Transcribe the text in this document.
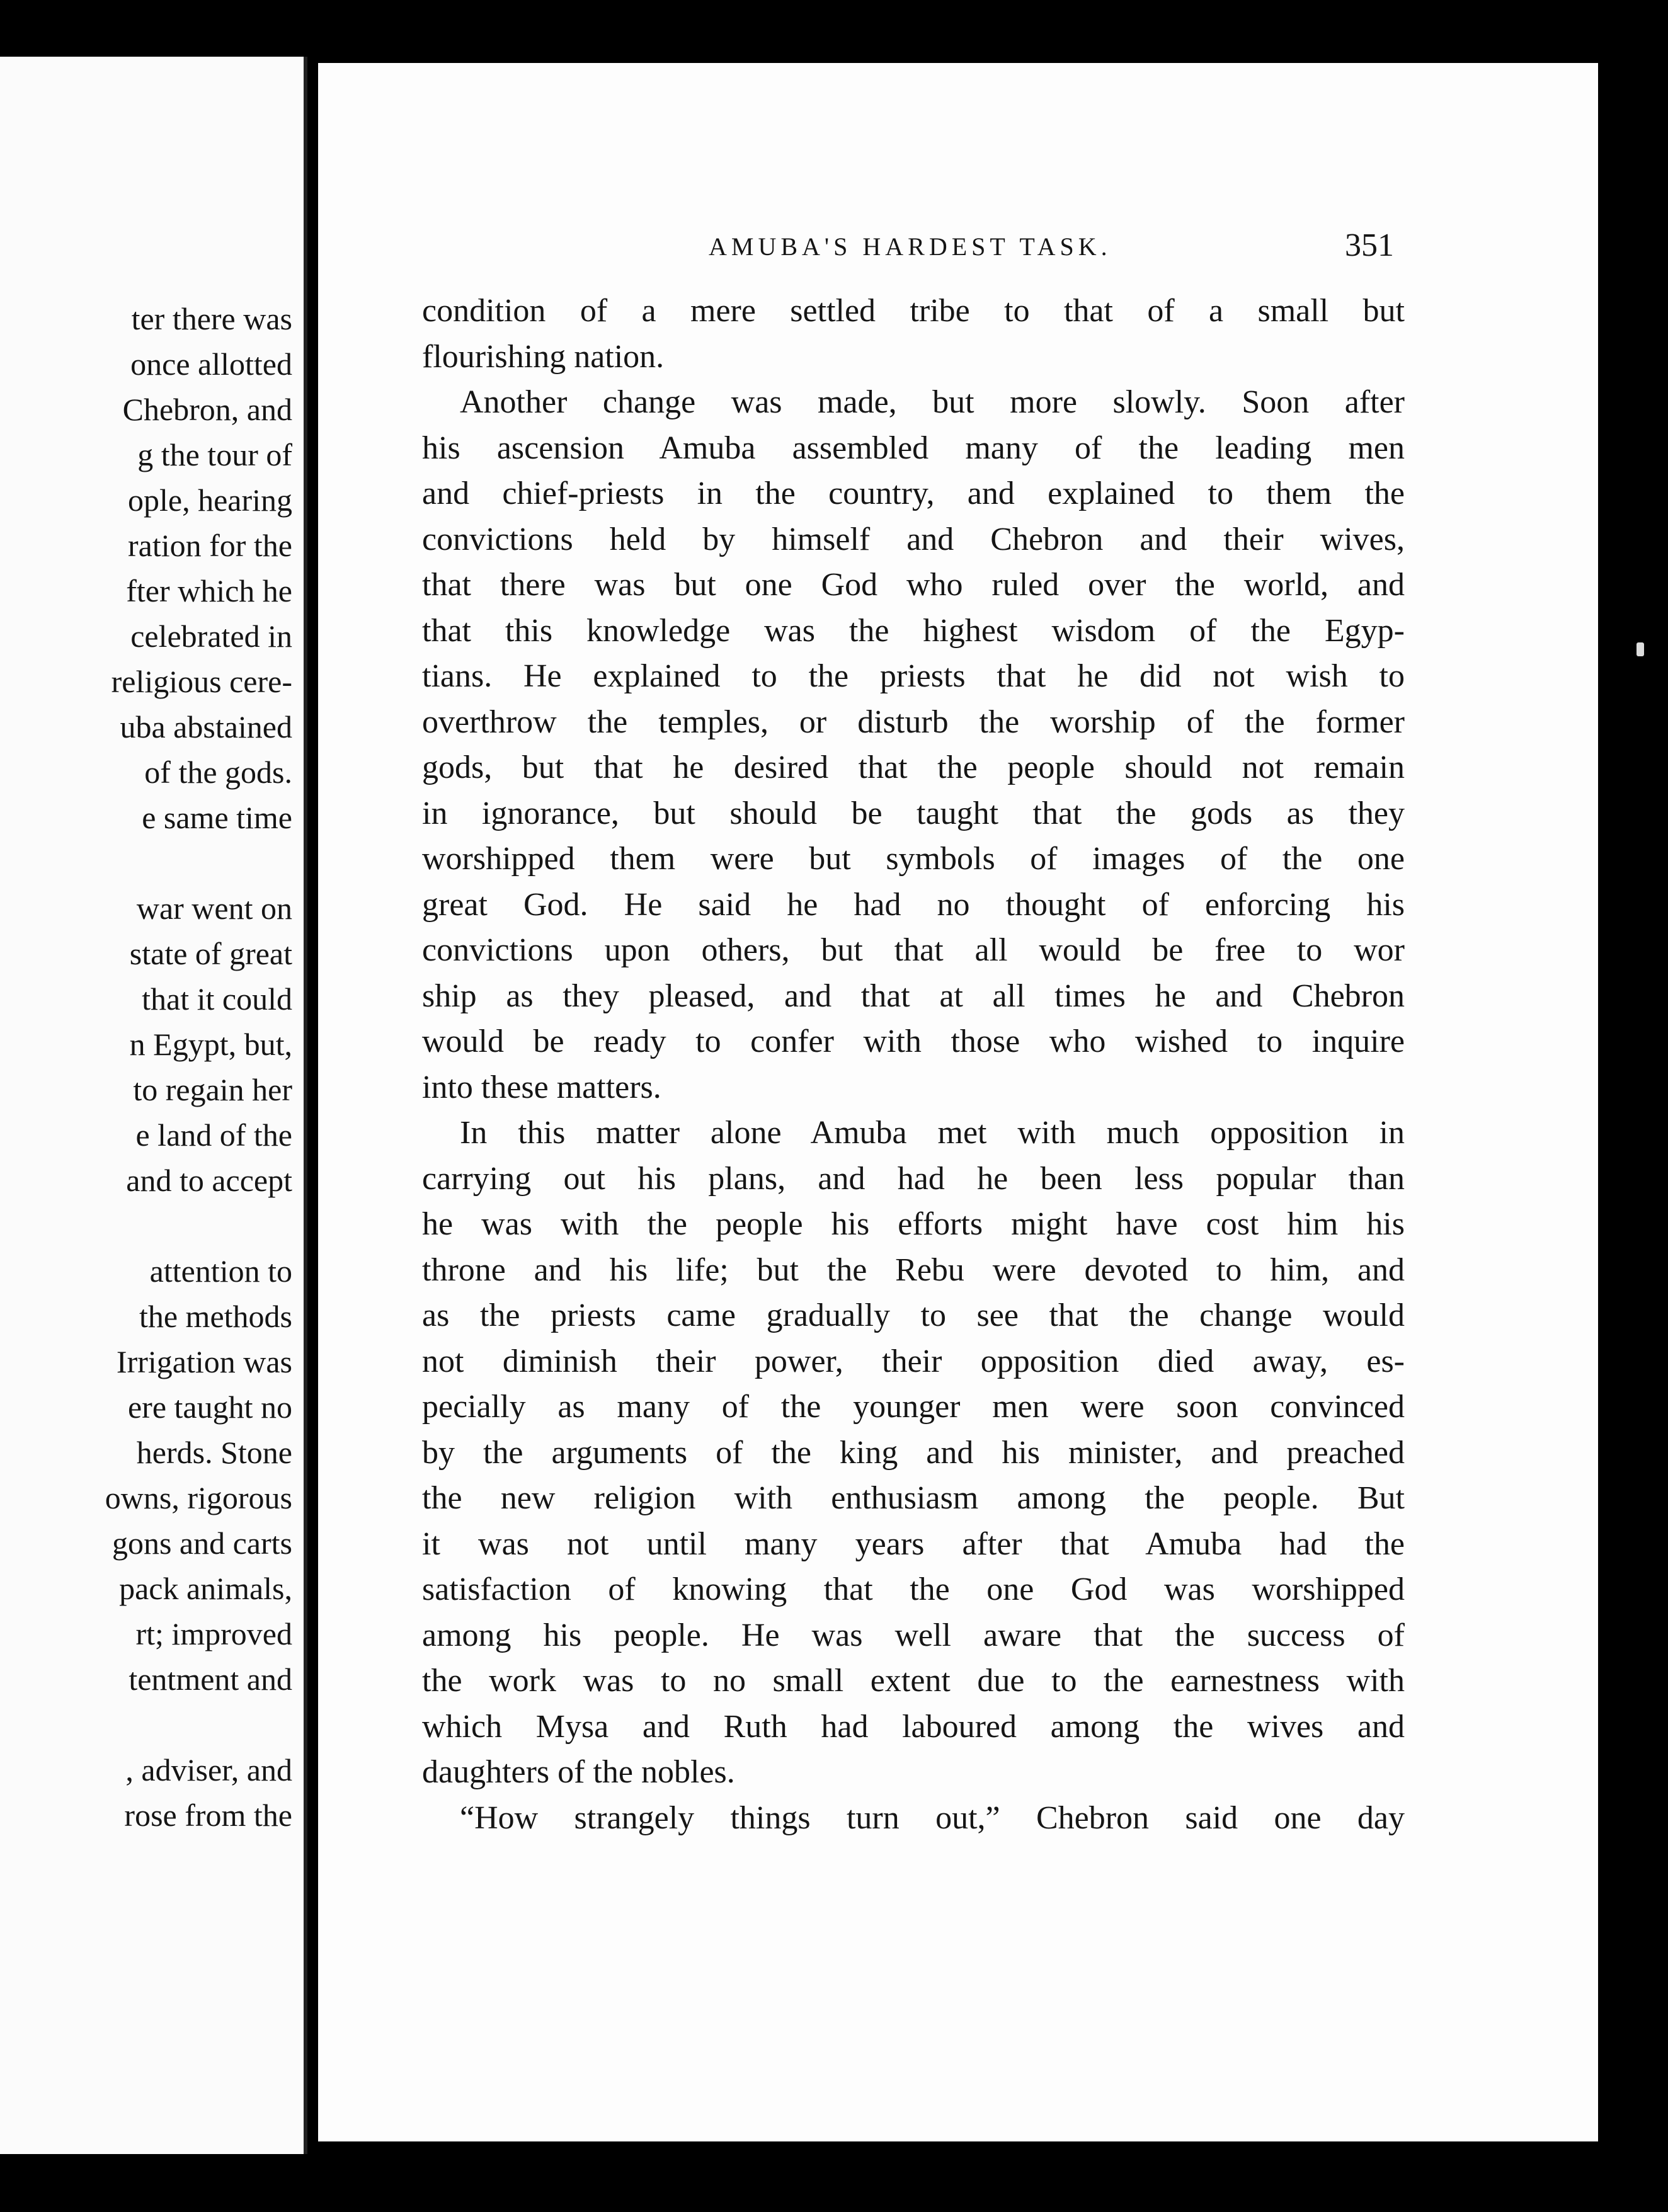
ter there was
once allotted
Chebron, and
g the tour of
ople, hearing
ration for the
fter which he
celebrated in
religious cere-
uba abstained
of the gods.
e same time
war went on
state of great
that it could
n Egypt, but,
to regain her
e land of the
and to accept
attention to
the methods
Irrigation was
ere taught no
herds. Stone
owns, rigorous
gons and carts
pack animals,
rt; improved
tentment and
, adviser, and
rose from the
AMUBA'S HARDEST TASK.	351
condition of a mere settled tribe to that of a small but
flourishing nation.
Another change was made, but more slowly. Soon after
his ascension Amuba assembled many of the leading men
and chief-priests in the country, and explained to them the
convictions held by himself and Chebron and their wives,
that there was but one God who ruled over the world, and
that this knowledge was the highest wisdom of the Egyp-
tians. He explained to the priests that he did not wish to
overthrow the temples, or disturb the worship of the former
gods, but that he desired that the people should not remain
in ignorance, but should be taught that the gods as they
worshipped them were but symbols of images of the one
great God. He said he had no thought of enforcing his
convictions upon others, but that all would be free to wor
ship as they pleased, and that at all times he and Chebron
would be ready to confer with those who wished to inquire
into these matters.
In this matter alone Amuba met with much opposition in
carrying out his plans, and had he been less popular than
he was with the people his efforts might have cost him his
throne and his life; but the Rebu were devoted to him, and
as the priests came gradually to see that the change would
not diminish their power, their opposition died away, es-
pecially as many of the younger men were soon convinced
by the arguments of the king and his minister, and preached
the new religion with enthusiasm among the people. But
it was not until many years after that Amuba had the
satisfaction of knowing that the one God was worshipped
among his people. He was well aware that the success of
the work was to no small extent due to the earnestness with
which Mysa and Ruth had laboured among the wives and
daughters of the nobles.
“How strangely things turn out,” Chebron said one day
